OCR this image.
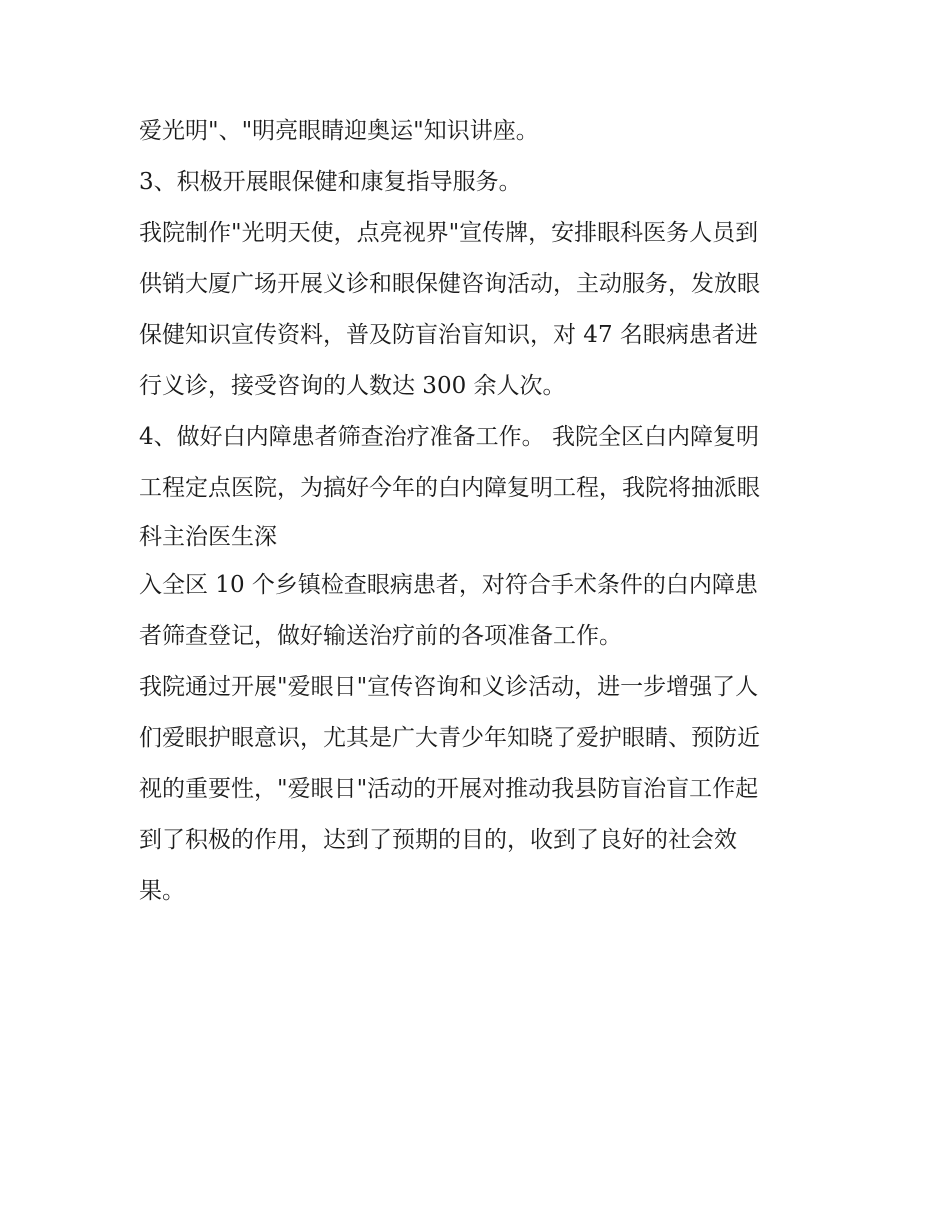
爱光明"、"明亮眼睛迎奥运"知识讲座。
3、积极开展眼保健和康复指导服务。
我院制作"光明天使，点亮视界"宣传牌，安排眼科医务人员到
供销大厦广场开展义诊和眼保健咨询活动，主动服务，发放眼
保健知识宣传资料，普及防盲治盲知识，对 47 名眼病患者进
行义诊，接受咨询的人数达 300 余人次。
4、做好白内障患者筛查治疗准备工作。 我院全区白内障复明
工程定点医院，为搞好今年的白内障复明工程，我院将抽派眼
科主治医生深
入全区 10 个乡镇检查眼病患者，对符合手术条件的白内障患
者筛查登记，做好输送治疗前的各项准备工作。
我院通过开展"爱眼日"宣传咨询和义诊活动，进一步增强了人
们爱眼护眼意识，尤其是广大青少年知晓了爱护眼睛、预防近
视的重要性，"爱眼日"活动的开展对推动我县防盲治盲工作起
到了积极的作用，达到了预期的目的，收到了良好的社会效
果。
